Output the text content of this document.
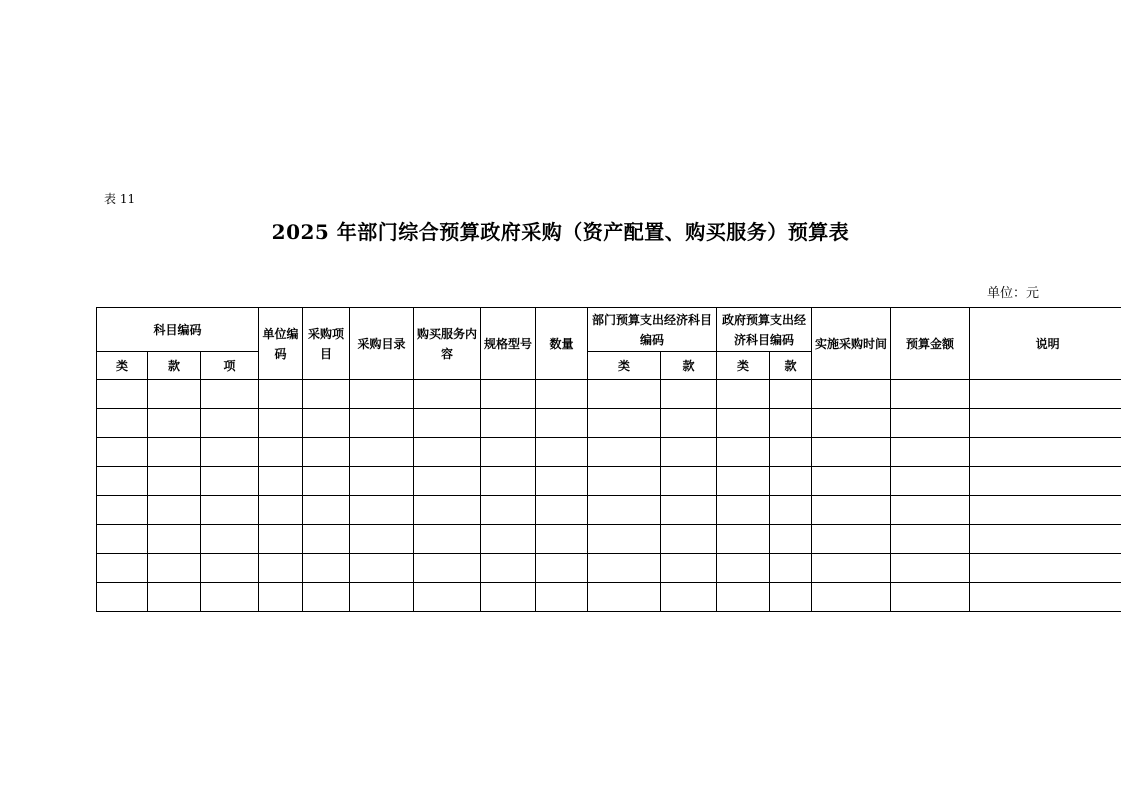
表 11
2025 年部门综合预算政府采购（资产配置、购买服务）预算表
单位：元
科目编码			单位编码	采购项目	采购目录	购买服务内容	规格型号	数量	部门预算支出经济科目编码		政府预算支出经济科目编码		实施采购时间	预算金额	说明
类	款	项							类	款	类	款			
